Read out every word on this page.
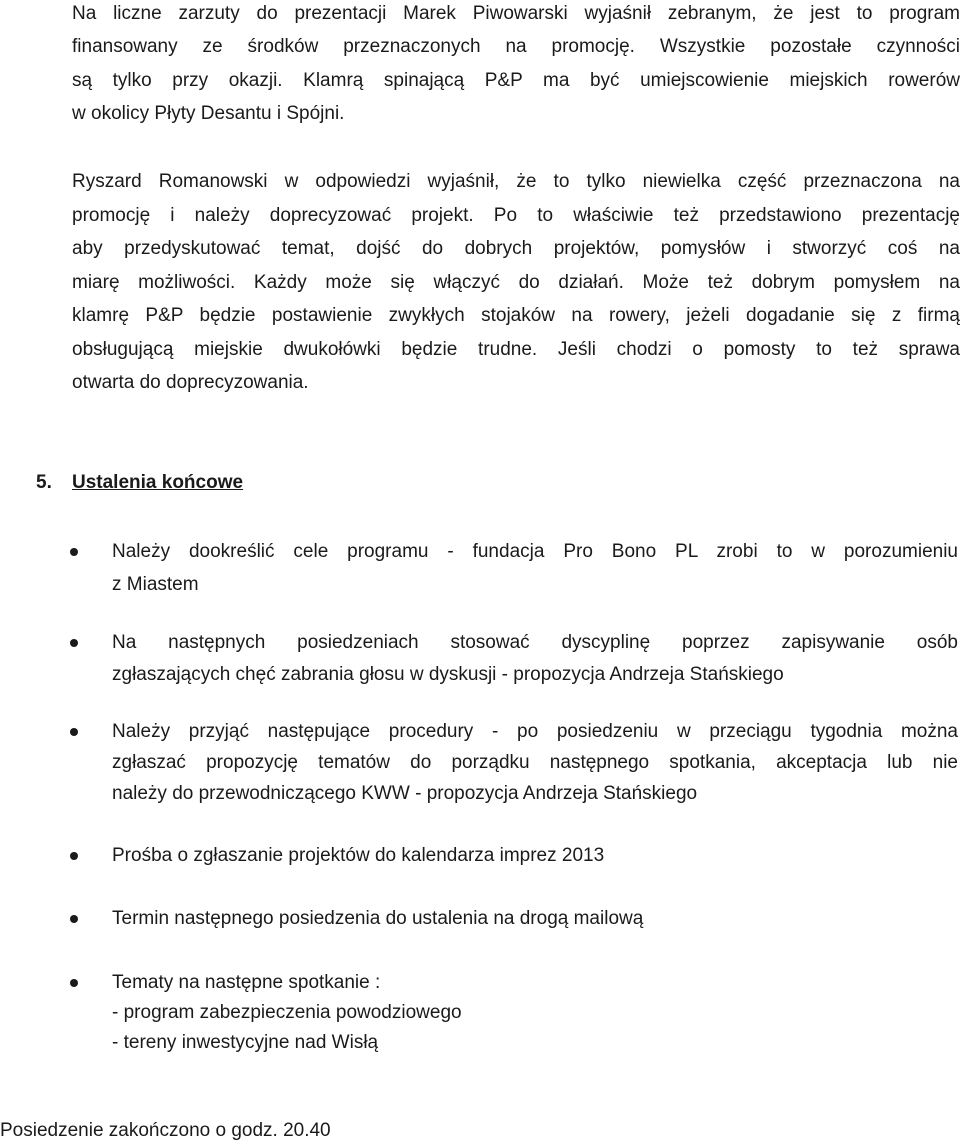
Na liczne zarzuty do prezentacji Marek Piwowarski wyjaśnił zebranym, że jest to program
finansowany ze środków przeznaczonych na promocję. Wszystkie pozostałe czynności
są tylko przy okazji. Klamrą spinającą P&P ma być umiejscowienie miejskich rowerów
w okolicy Płyty Desantu i Spójni.
Ryszard Romanowski w odpowiedzi wyjaśnił, że to tylko niewielka część przeznaczona na
promocję i należy doprecyzować projekt. Po to właściwie też przedstawiono prezentację
aby przedyskutować temat, dojść do dobrych projektów, pomysłów i stworzyć coś na
miarę możliwości. Każdy może się włączyć do działań. Może też dobrym pomysłem na
klamrę P&P będzie postawienie zwykłych stojaków na rowery, jeżeli dogadanie się z firmą
obsługującą miejskie dwukołówki będzie trudne. Jeśli chodzi o pomosty to też sprawa
otwarta do doprecyzowania.
5. Ustalenia końcowe
Należy dookreślić cele programu - fundacja Pro Bono PL zrobi to w porozumieniu
z Miastem
Na następnych posiedzeniach stosować dyscyplinę poprzez zapisywanie osób
zgłaszających chęć zabrania głosu w dyskusji - propozycja Andrzeja Stańskiego
Należy przyjąć następujące procedury - po posiedzeniu w przeciągu tygodnia można
zgłaszać propozycję tematów do porządku następnego spotkania, akceptacja lub nie
należy do przewodniczącego KWW - propozycja Andrzeja Stańskiego
Prośba o zgłaszanie projektów do kalendarza imprez 2013
Termin następnego posiedzenia do ustalenia na drogą mailową
Tematy na następne spotkanie :
- program zabezpieczenia powodziowego
- tereny inwestycyjne nad Wisłą
Posiedzenie zakończono o godz. 20.40
